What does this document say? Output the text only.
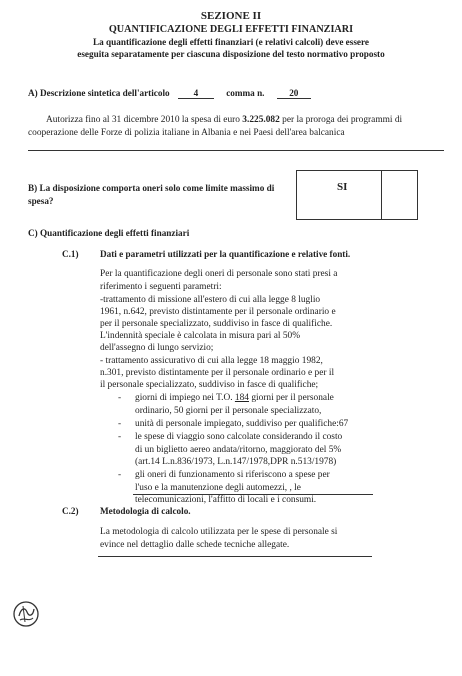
SEZIONE II
QUANTIFICAZIONE DEGLI EFFETTI FINANZIARI
La quantificazione degli effetti finanziari (e relativi calcoli) deve essere
eseguita separatamente per ciascuna disposizione del testo normativo proposto
A) Descrizione sintetica dell'articolo	4	comma n.	20
Autorizza fino al 31 dicembre 2010 la spesa di euro 3.225.082 per la proroga dei programmi di
cooperazione delle Forze di polizia italiane in Albania e nei Paesi dell'area balcanica
B) La disposizione comporta oneri solo come limite massimo di
spesa?
SI
C) Quantificazione degli effetti finanziari
C.1) Dati e parametri utilizzati per la quantificazione e relative fonti.
Per la quantificazione degli oneri di personale sono stati presi a
riferimento i seguenti parametri:
-trattamento di missione all'estero di cui alla legge 8 luglio
1961, n.642, previsto distintamente per il personale ordinario e
per il personale specializzato, suddiviso in fasce di qualifiche.
L'indennità speciale è calcolata in misura pari al 50%
dell'assegno di lungo servizio;
- trattamento assicurativo di cui alla legge 18 maggio 1982,
n.301, previsto distintamente per il personale ordinario e per il
il personale specializzato, suddiviso in fasce di qualifiche;
- giorni di impiego nei T.O. 184 giorni per il personale
ordinario, 50 giorni per il personale specializzato,
- unità di personale impiegato, suddiviso per qualifiche:67
- le spese di viaggio sono calcolate considerando il costo
di un biglietto aereo andata/ritorno, maggiorato del 5%
(art.14 L.n.836/1973, L.n.147/1978,DPR n.513/1978)
- gli oneri di funzionamento si riferiscono a spese per
l'uso e la manutenzione degli automezzi, , le
telecomunicazioni, l'affitto di locali e i consumi.
C.2) Metodologia di calcolo.
La metodologia di calcolo utilizzata per le spese di personale si
evince nel dettaglio dalle schede tecniche allegate.
